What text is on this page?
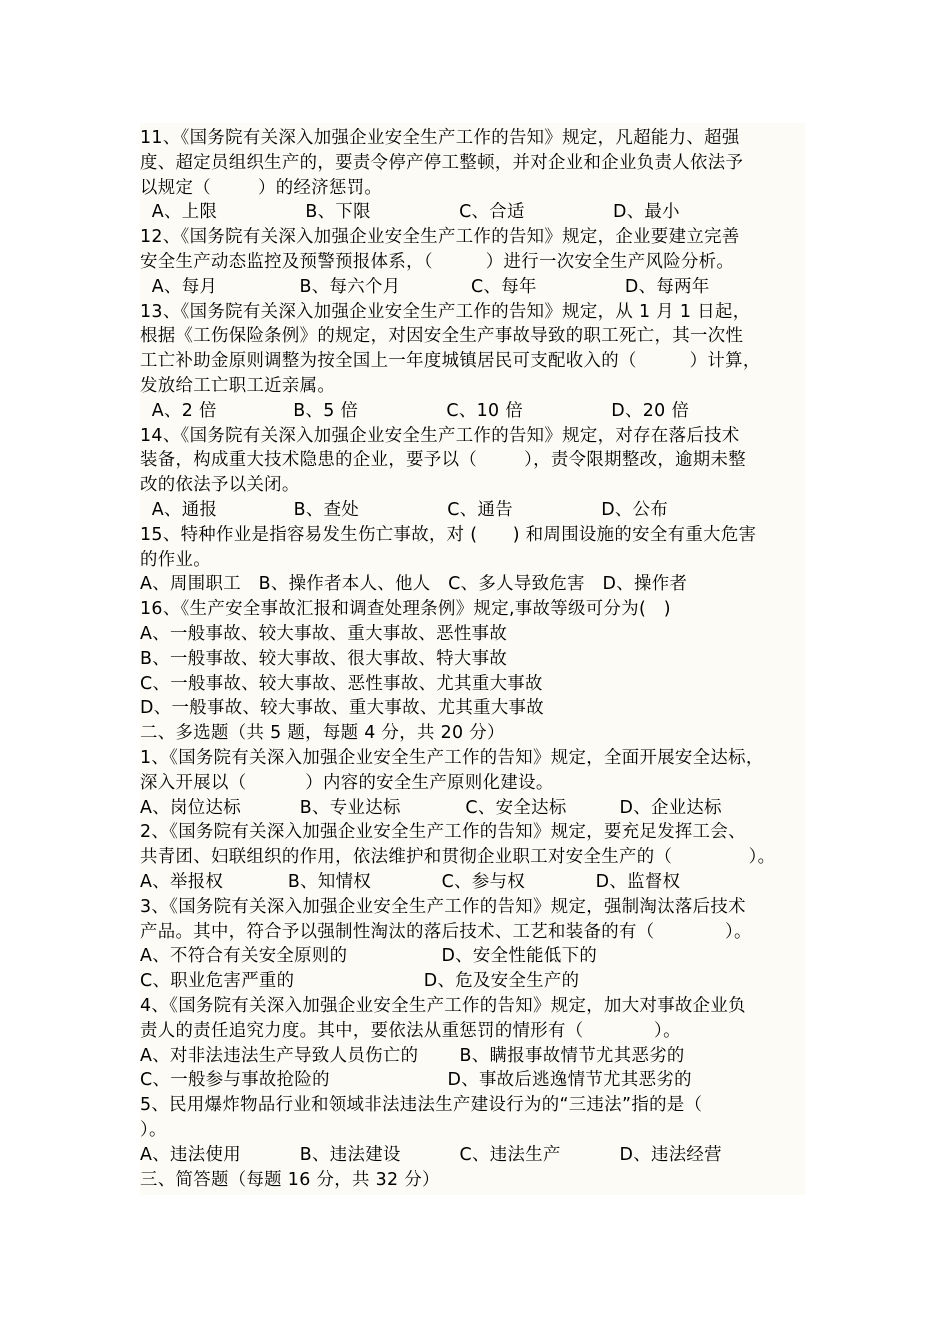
11、《国务院有关深入加强企业安全生产工作的告知》规定，凡超能力、超强
度、超定员组织生产的，要责令停产停工整顿，并对企业和企业负责人依法予
以规定（        ）的经济惩罚。
A、上限               B、下限               C、合适               D、最小
12、《国务院有关深入加强企业安全生产工作的告知》规定，企业要建立完善
安全生产动态监控及预警预报体系，（         ）进行一次安全生产风险分析。
A、每月              B、每六个月            C、每年               D、每两年
13、《国务院有关深入加强企业安全生产工作的告知》规定，从 1 月 1 日起，
根据《工伤保险条例》的规定，对因安全生产事故导致的职工死亡，其一次性
工亡补助金原则调整为按全国上一年度城镇居民可支配收入的（         ）计算，
发放给工亡职工近亲属。
A、2 倍             B、5 倍               C、10 倍               D、20 倍
14、《国务院有关深入加强企业安全生产工作的告知》规定，对存在落后技术
装备，构成重大技术隐患的企业，要予以（        ），责令限期整改，逾期未整
改的依法予以关闭。
A、通报             B、查处               C、通告               D、公布
15、特种作业是指容易发生伤亡事故，对 (      ) 和周围设施的安全有重大危害
的作业。
A、周围职工   B、操作者本人、他人   C、多人导致危害   D、操作者
16、《生产安全事故汇报和调查处理条例》规定,事故等级可分为(   )
A、一般事故、较大事故、重大事故、恶性事故
B、一般事故、较大事故、很大事故、特大事故
C、一般事故、较大事故、恶性事故、尤其重大事故
D、一般事故、较大事故、重大事故、尤其重大事故
二、多选题（共 5 题，每题 4 分，共 20 分）
1、《国务院有关深入加强企业安全生产工作的告知》规定，全面开展安全达标，
深入开展以（          ）内容的安全生产原则化建设。
A、岗位达标          B、专业达标           C、安全达标         D、企业达标
2、《国务院有关深入加强企业安全生产工作的告知》规定，要充足发挥工会、
共青团、妇联组织的作用，依法维护和贯彻企业职工对安全生产的（             ）。
A、举报权           B、知情权            C、参与权            D、监督权
3、《国务院有关深入加强企业安全生产工作的告知》规定，强制淘汰落后技术
产品。其中，符合予以强制性淘汰的落后技术、工艺和装备的有（            ）。
A、不符合有关安全原则的                D、安全性能低下的
C、职业危害严重的                      D、危及安全生产的
4、《国务院有关深入加强企业安全生产工作的告知》规定，加大对事故企业负
责人的责任追究力度。其中，要依法从重惩罚的情形有（            ）。
A、对非法违法生产导致人员伤亡的       B、瞒报事故情节尤其恶劣的
C、一般参与事故抢险的                    D、事故后逃逸情节尤其恶劣的
5、民用爆炸物品行业和领域非法违法生产建设行为的“三违法”指的是（
）。
A、违法使用          B、违法建设          C、违法生产          D、违法经营
三、简答题（每题 16 分，共 32 分）
